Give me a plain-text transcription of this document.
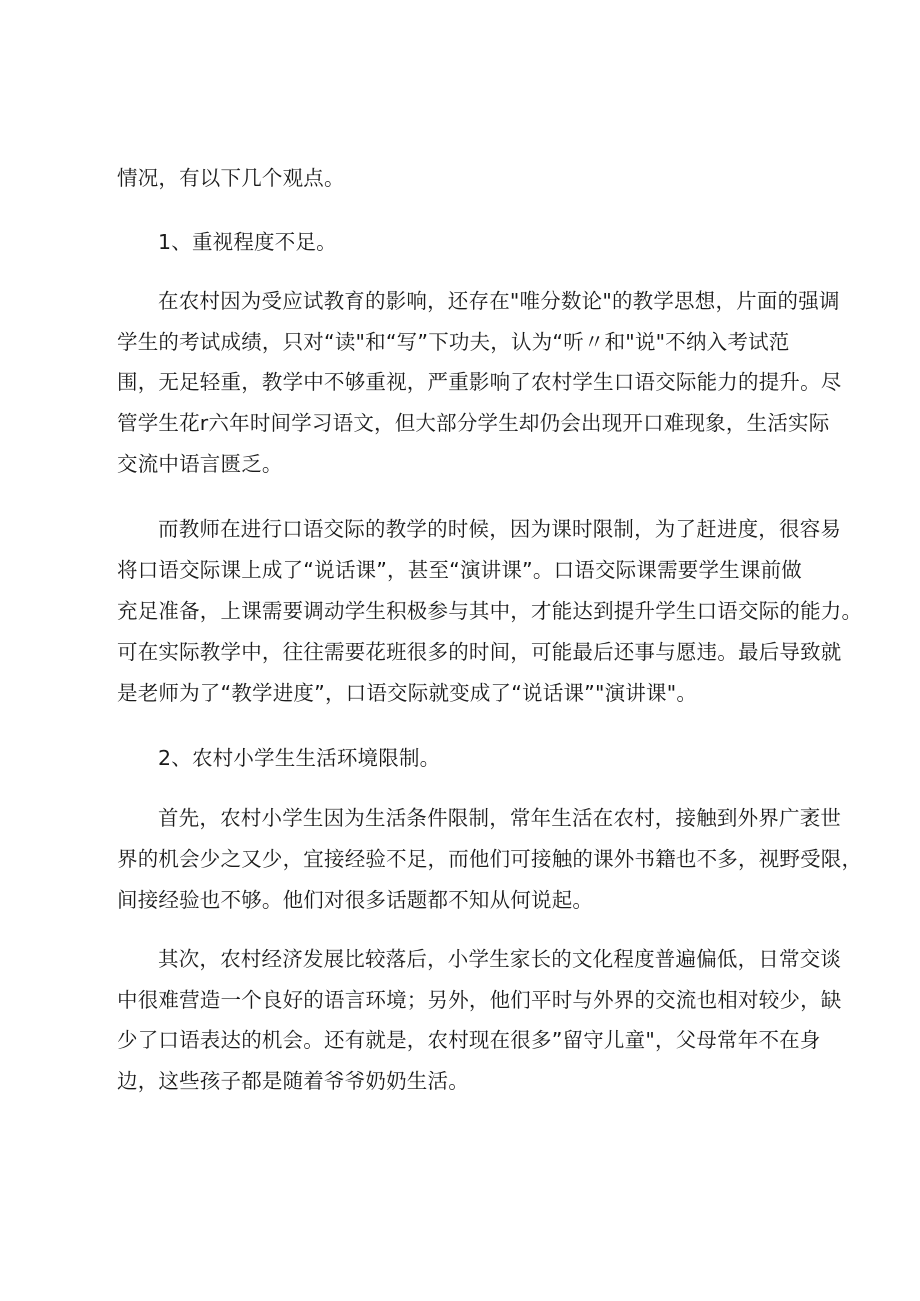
情况，有以下几个观点。
1、重视程度不足。
在农村因为受应试教育的影响，还存在"唯分数论"的教学思想，片面的强调
学生的考试成绩，只对“读"和“写”下功夫，认为“听〃和"说"不纳入考试范
围，无足轻重，教学中不够重视，严重影响了农村学生口语交际能力的提升。尽
管学生花r六年时间学习语文，但大部分学生却仍会出现开口难现象，生活实际
交流中语言匮乏。
而教师在进行口语交际的教学的时候，因为课时限制，为了赶进度，很容易
将口语交际课上成了“说话课”，甚至“演讲课”。口语交际课需要学生课前做
充足准备，上课需要调动学生积极参与其中，才能达到提升学生口语交际的能力。
可在实际教学中，往往需要花班很多的时间，可能最后还事与愿违。最后导致就
是老师为了“教学进度”，口语交际就变成了“说话课”"演讲课"。
2、农村小学生生活环境限制。
首先，农村小学生因为生活条件限制，常年生活在农村，接触到外界广袤世
界的机会少之又少，宜接经验不足，而他们可接触的课外书籍也不多，视野受限，
间接经验也不够。他们对很多话题都不知从何说起。
其次，农村经济发展比较落后，小学生家长的文化程度普遍偏低，日常交谈
中很难营造一个良好的语言环境；另外，他们平时与外界的交流也相对较少，缺
少了口语表达的机会。还有就是，农村现在很多”留守儿童"，父母常年不在身
边，这些孩子都是随着爷爷奶奶生活。
